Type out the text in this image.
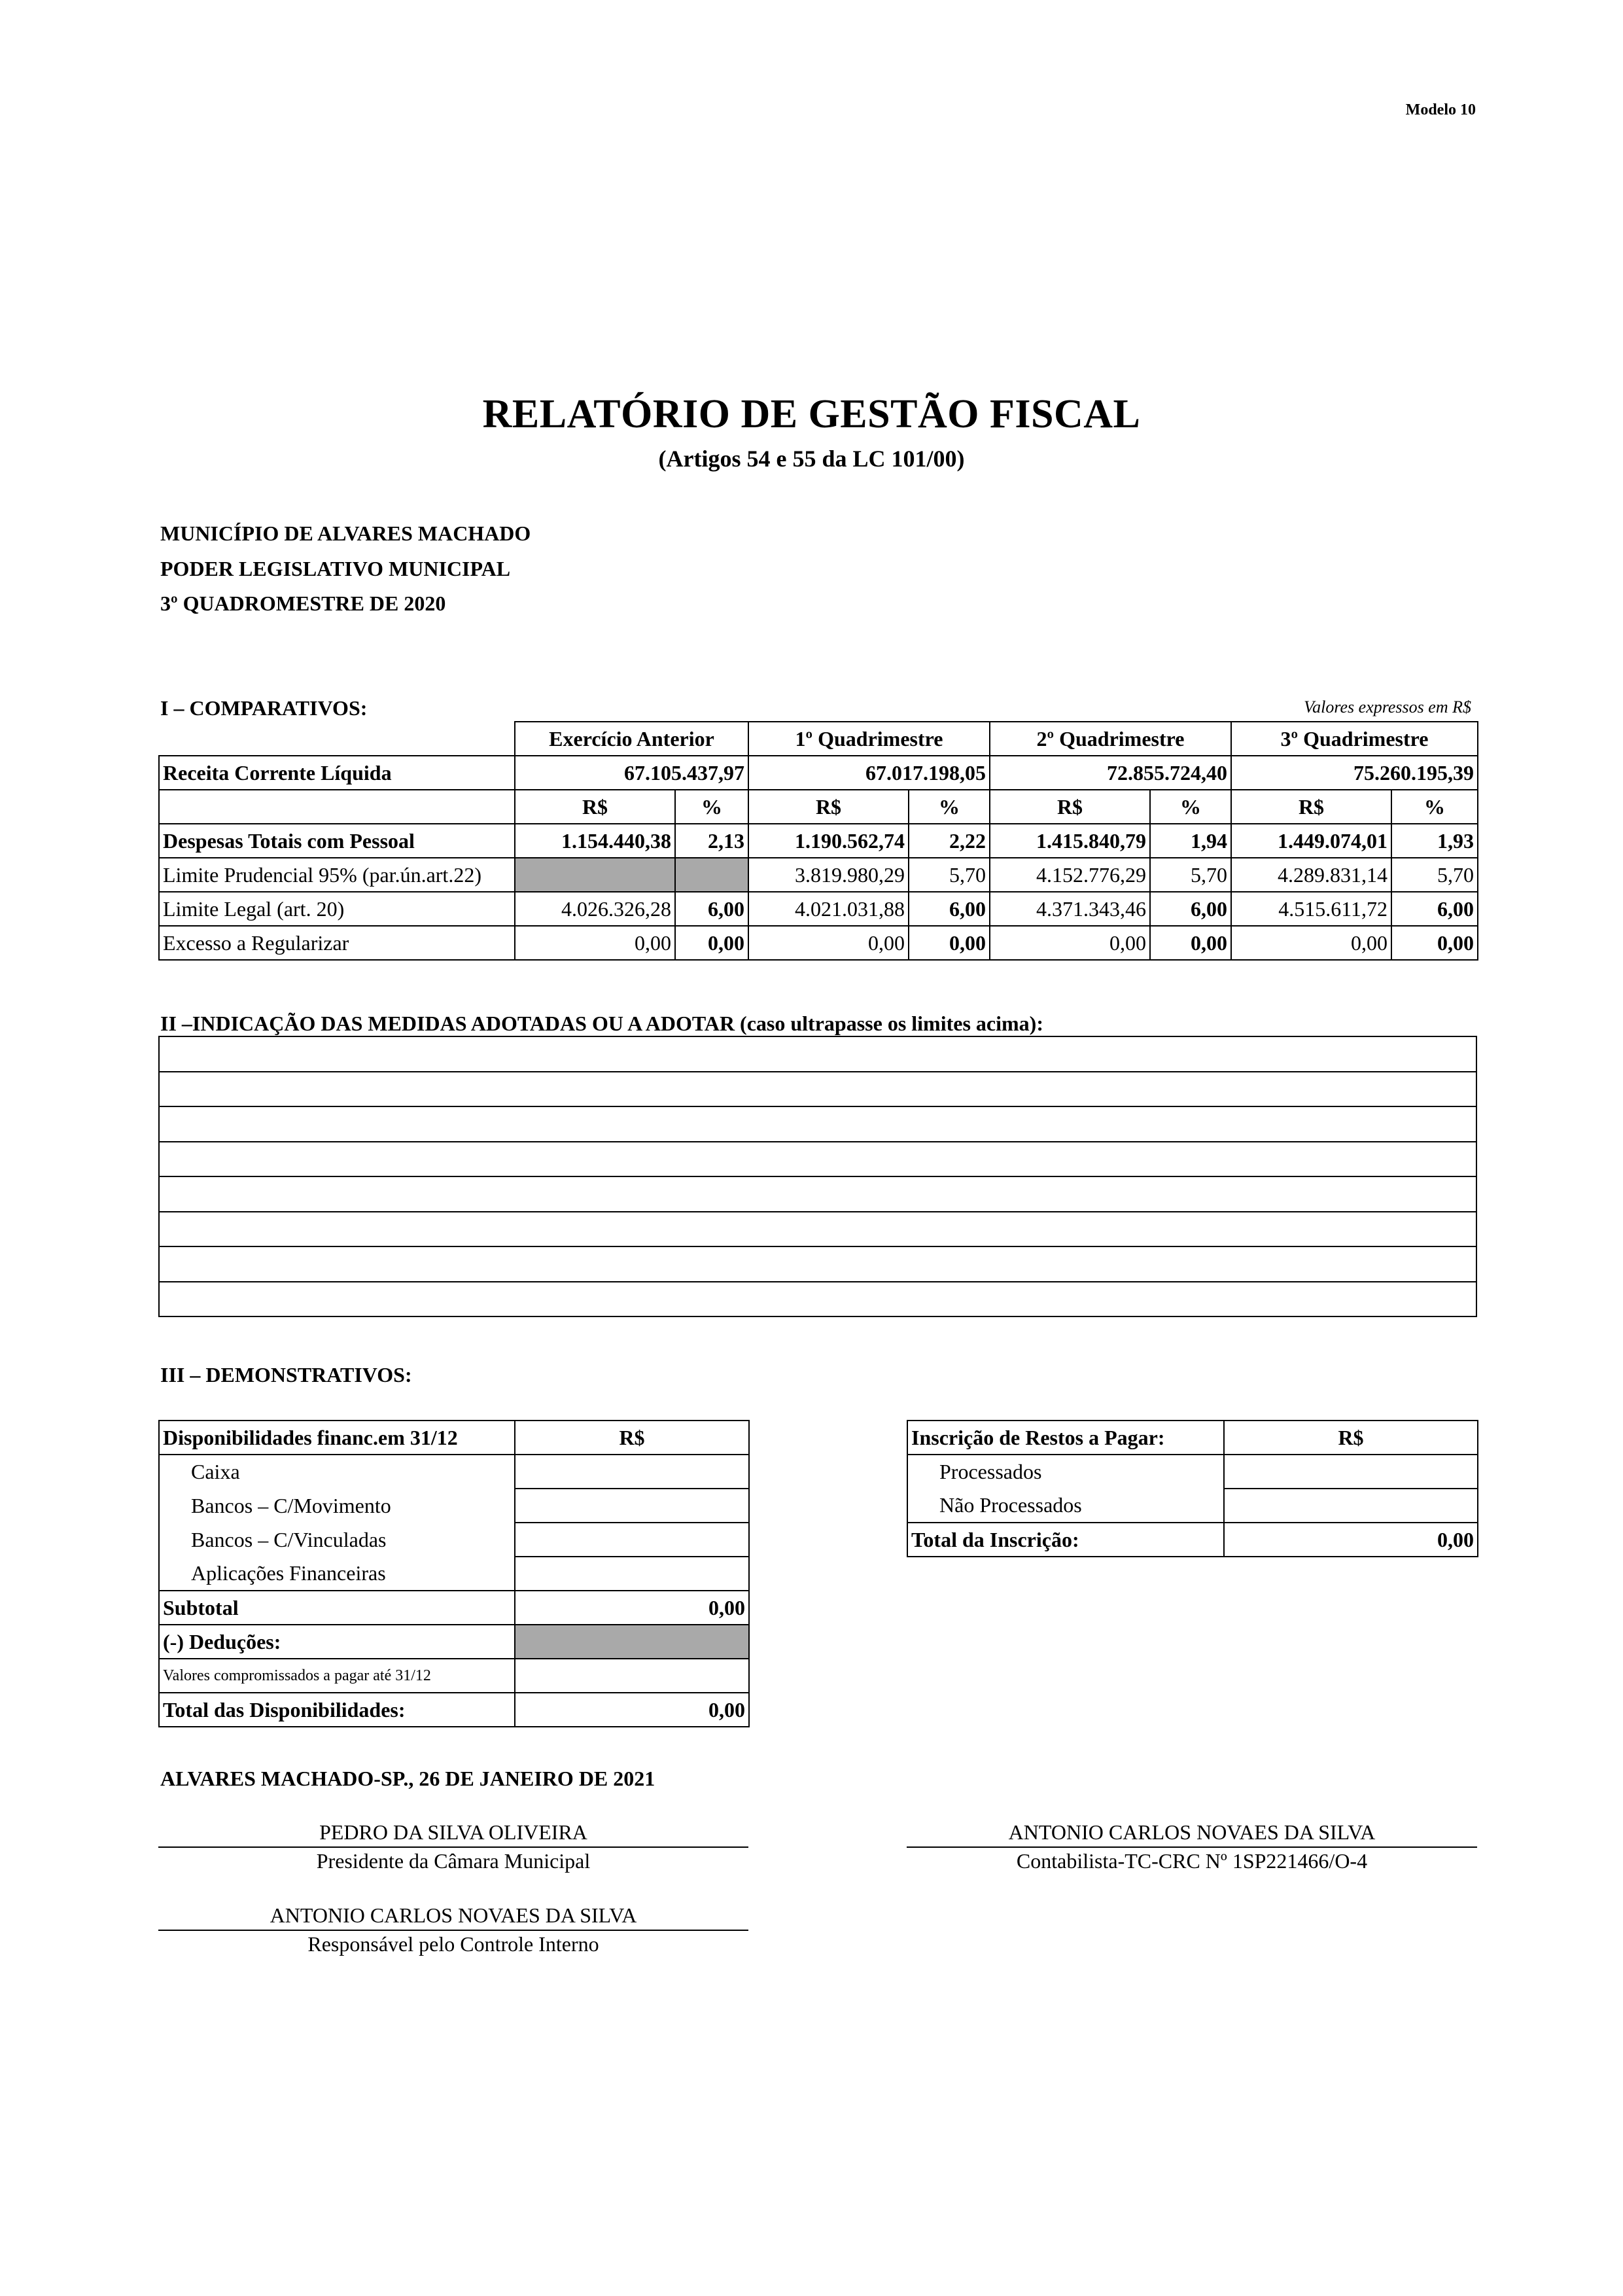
Modelo 10
RELATÓRIO DE GESTÃO FISCAL
(Artigos 54 e 55 da LC 101/00)
MUNICÍPIO DE ALVARES MACHADO
PODER LEGISLATIVO MUNICIPAL
3º QUADROMESTRE DE 2020
I – COMPARATIVOS:	Valores expressos em R$
	Exercício Anterior		1º Quadrimestre		2º Quadrimestre		3º Quadrimestre	
Receita Corrente Líquida	67.105.437,97		67.017.198,05		72.855.724,40		75.260.195,39	
	R$	%	R$	%	R$	%	R$	%
Despesas Totais com Pessoal	1.154.440,38	2,13	1.190.562,74	2,22	1.415.840,79	1,94	1.449.074,01	1,93
Limite Prudencial 95% (par.ún.art.22)			3.819.980,29	5,70	4.152.776,29	5,70	4.289.831,14	5,70
Limite Legal (art. 20)	4.026.326,28	6,00	4.021.031,88	6,00	4.371.343,46	6,00	4.515.611,72	6,00
Excesso a Regularizar	0,00	0,00	0,00	0,00	0,00	0,00	0,00	0,00
II –INDICAÇÃO DAS MEDIDAS ADOTADAS OU A ADOTAR (caso ultrapasse os limites acima):

III – DEMONSTRATIVOS:
Disponibilidades financ.em 31/12	R$
Caixa	
Bancos – C/Movimento	
Bancos – C/Vinculadas	
Aplicações Financeiras	
Subtotal	0,00
(-) Deduções:	
Valores compromissados a pagar até 31/12	
Total das Disponibilidades:	0,00
Inscrição de Restos a Pagar:	R$
Processados	
Não Processados	
Total da Inscrição:	0,00
ALVARES MACHADO-SP., 26 DE JANEIRO DE 2021
PEDRO DA SILVA OLIVEIRA
Presidente da Câmara Municipal
ANTONIO CARLOS NOVAES DA SILVA
Contabilista-TC-CRC Nº 1SP221466/O-4
ANTONIO CARLOS NOVAES DA SILVA
Responsável pelo Controle Interno
